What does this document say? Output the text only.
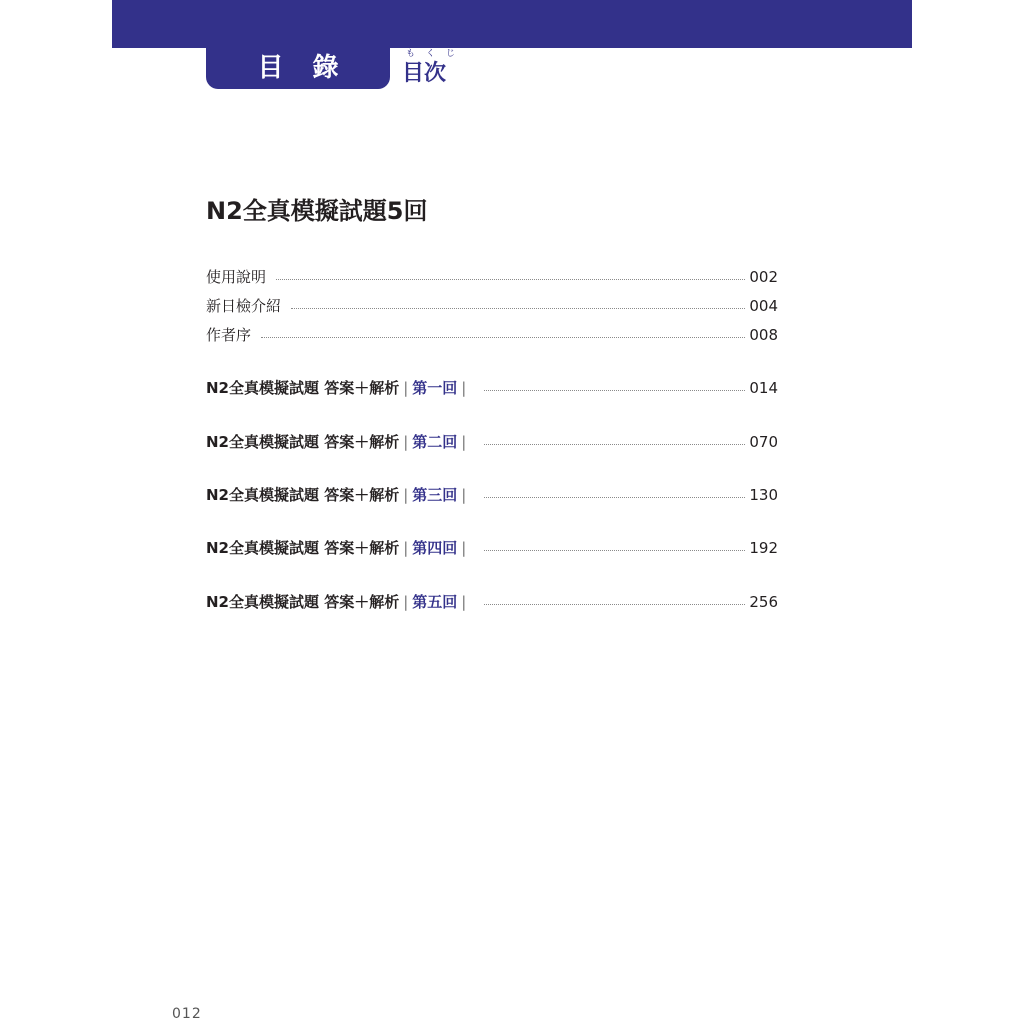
目 錄	もくじ
目次
N2全真模擬試題5回
使用說明	002
新日檢介紹	004
作者序	008
N2全真模擬試題 答案＋解析 | 第一回 |	014
N2全真模擬試題 答案＋解析 | 第二回 |	070
N2全真模擬試題 答案＋解析 | 第三回 |	130
N2全真模擬試題 答案＋解析 | 第四回 |	192
N2全真模擬試題 答案＋解析 | 第五回 |	256
012
